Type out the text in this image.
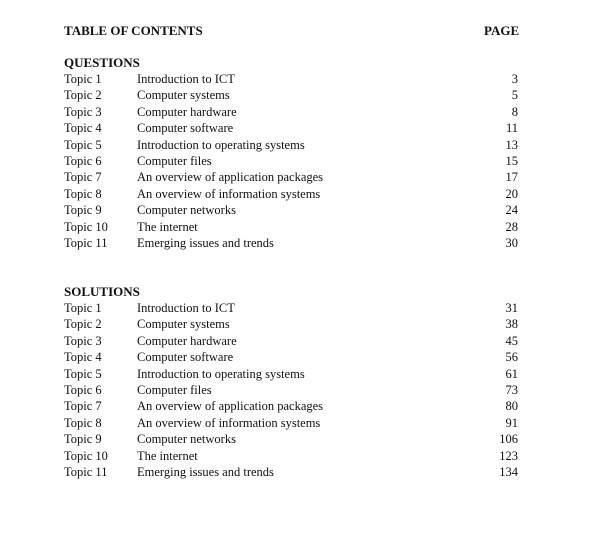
TABLE OF CONTENTS	PAGE
QUESTIONS
Topic 1	Introduction to ICT	3
Topic 2	Computer systems	5
Topic 3	Computer hardware	8
Topic 4	Computer software	11
Topic 5	Introduction to operating systems	13
Topic 6	Computer files	15
Topic 7	An overview of application packages	17
Topic 8	An overview of information systems	20
Topic 9	Computer networks	24
Topic 10 The internet	28
Topic 11 Emerging issues and trends	30
SOLUTIONS
Topic 1	Introduction to ICT	31
Topic 2	Computer systems	38
Topic 3	Computer hardware	45
Topic 4	Computer software	56
Topic 5	Introduction to operating systems	61
Topic 6	Computer files	73
Topic 7	An overview of application packages	80
Topic 8	An overview of information systems	91
Topic 9	Computer networks	106
Topic 10 The internet	123
Topic 11 Emerging issues and trends	134
